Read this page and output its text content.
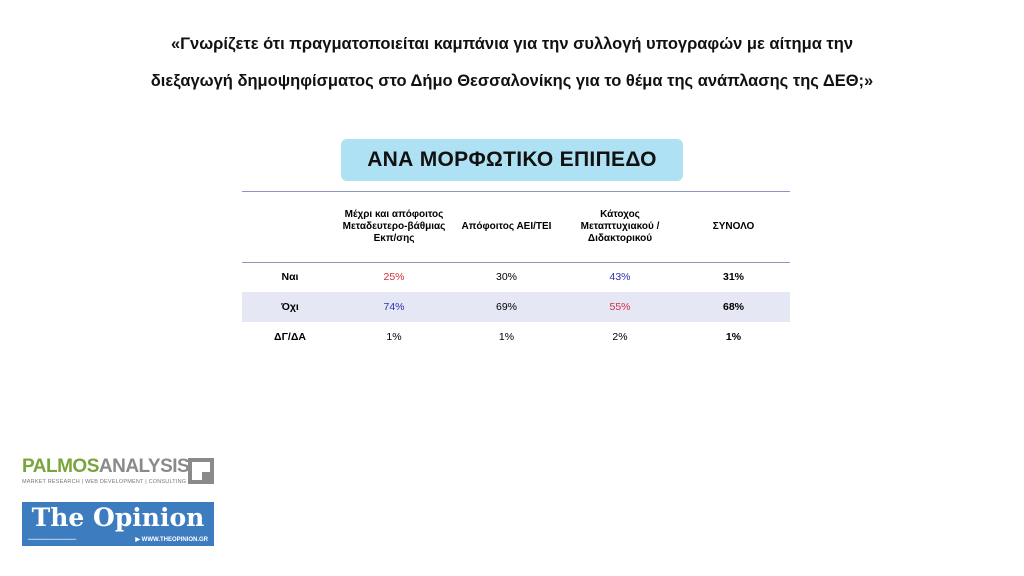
«Γνωρίζετε ότι πραγματοποιείται καμπάνια για την συλλογή υπογραφών με αίτημα την
διεξαγωγή δημοψηφίσματος στο Δήμο Θεσσαλονίκης για το θέμα της ανάπλασης της ΔΕΘ;»
ΑΝΑ ΜΟΡΦΩΤΙΚΟ ΕΠΙΠΕΔΟ
	Μέχρι και απόφοιτος Μεταδευτερο-βάθμιας Εκπ/σης	Απόφοιτος ΑΕΙ/ΤΕΙ	Κάτοχος Μεταπτυχιακού / Διδακτορικού	ΣΥΝΟΛΟ
Ναι	25%	30%	43%	31%
Όχι	74%	69%	55%	68%
ΔΓ/ΔΑ	1%	1%	2%	1%
PALMOSANALYSIS
MARKET RESEARCH | WEB DEVELOPMENT | CONSULTING
The Opinion
━━━━━━━━━━━━━━━━	▶ WWW.THEOPINION.GR
